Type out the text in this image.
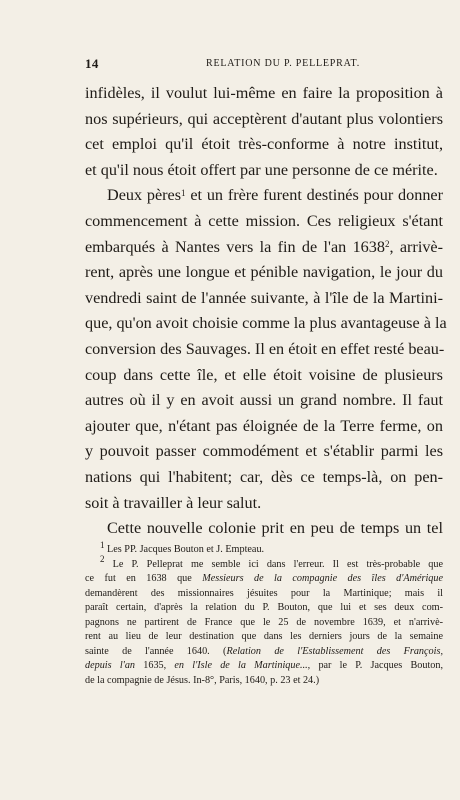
14	RELATION DU P. PELLEPRAT.
infidèles, il voulut lui-même en faire la proposition à
nos supérieurs, qui acceptèrent d'autant plus volontiers
cet emploi qu'il étoit très-conforme à notre institut,
et qu'il nous étoit offert par une personne de ce mérite.
Deux pères$^1$ et un frère furent destinés pour donner
commencement à cette mission. Ces religieux s'étant
embarqués à Nantes vers la fin de l'an 1638$^2$, arrivè-
rent, après une longue et pénible navigation, le jour du
vendredi saint de l'année suivante, à l'île de la Martini-
que, qu'on avoit choisie comme la plus avantageuse à la
conversion des Sauvages. Il en étoit en effet resté beau-
coup dans cette île, et elle étoit voisine de plusieurs
autres où il y en avoit aussi un grand nombre. Il faut
ajouter que, n'étant pas éloignée de la Terre ferme, on
y pouvoit passer commodément et s'établir parmi les
nations qui l'habitent; car, dès ce temps-là, on pen-
soit à travailler à leur salut.
Cette nouvelle colonie prit en peu de temps un tel
$^1$ Les PP. Jacques Bouton et J. Empteau.
$^2$ Le P. Pelleprat me semble ici dans l'erreur. Il est très-probable que
ce fut en 1638 que Messieurs de la compagnie des îles d'Amérique
demandèrent des missionnaires jésuites pour la Martinique; mais il
paraît certain, d'après la relation du P. Bouton, que lui et ses deux com-
pagnons ne partirent de France que le 25 de novembre 1639, et n'arrivè-
rent au lieu de leur destination que dans les derniers jours de la semaine
sainte de l'année 1640. (Relation de l'Establissement des François,
depuis l'an 1635, en l'Isle de la Martinique..., par le P. Jacques Bouton,
de la compagnie de Jésus. In-8°, Paris, 1640, p. 23 et 24.)
